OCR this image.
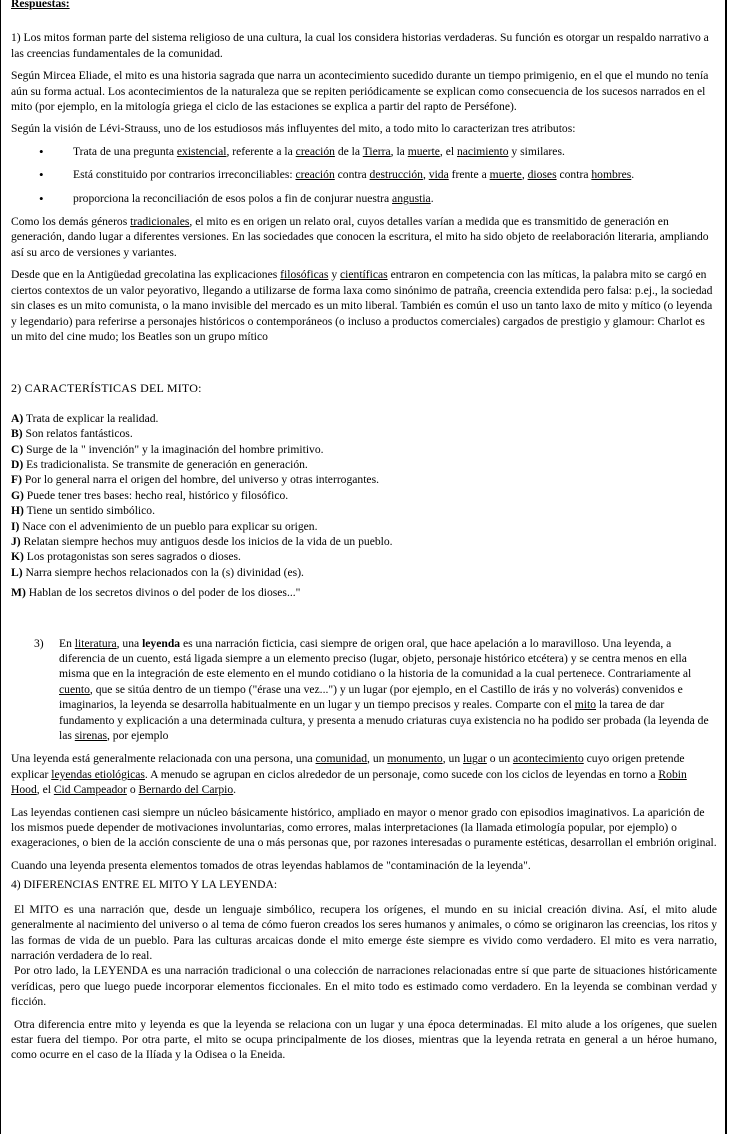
Respuestas:

1) Los mitos forman parte del sistema religioso de una cultura, la cual los considera historias verdaderas. Su función es otorgar un respaldo narrativo a las creencias fundamentales de la comunidad.

Según Mircea Eliade, el mito es una historia sagrada que narra un acontecimiento sucedido durante un tiempo primigenio, en el que el mundo no tenía aún su forma actual. Los acontecimientos de la naturaleza que se repiten periódicamente se explican como consecuencia de los sucesos narrados en el mito (por ejemplo, en la mitología griega el ciclo de las estaciones se explica a partir del rapto de Perséfone).

Según la visión de Lévi-Strauss, uno de los estudiosos más influyentes del mito, a todo mito lo caracterizan tres atributos:

• Trata de una pregunta existencial, referente a la creación de la Tierra, la muerte, el nacimiento y similares.
• Está constituido por contrarios irreconciliables: creación contra destrucción, vida frente a muerte, dioses contra hombres.
• proporciona la reconciliación de esos polos a fin de conjurar nuestra angustia.

Como los demás géneros tradicionales, el mito es en origen un relato oral, cuyos detalles varían a medida que es transmitido de generación en generación, dando lugar a diferentes versiones. En las sociedades que conocen la escritura, el mito ha sido objeto de reelaboración literaria, ampliando así su arco de versiones y variantes.

Desde que en la Antigüedad grecolatina las explicaciones filosóficas y científicas entraron en competencia con las míticas, la palabra mito se cargó en ciertos contextos de un valor peyorativo, llegando a utilizarse de forma laxa como sinónimo de patraña, creencia extendida pero falsa: p.ej., la sociedad sin clases es un mito comunista, o la mano invisible del mercado es un mito liberal. También es común el uso un tanto laxo de mito y mítico (o leyenda y legendario) para referirse a personajes históricos o contemporáneos (o incluso a productos comerciales) cargados de prestigio y glamour: Charlot es un mito del cine mudo; los Beatles son un grupo mítico

2) CARACTERÍSTICAS DEL MITO:

A) Trata de explicar la realidad.

B) Son relatos fantásticos.

C) Surge de la " invención" y la imaginación del hombre primitivo.

D) Es tradicionalista. Se transmite de generación en generación.

F) Por lo general narra el origen del hombre, del universo y otras interrogantes.

G) Puede tener tres bases: hecho real, histórico y filosófico.

H) Tiene un sentido simbólico.

I) Nace con el advenimiento de un pueblo para explicar su origen.

J) Relatan siempre hechos muy antiguos desde los inicios de la vida de un pueblo.

K) Los protagonistas son seres sagrados o dioses.

L) Narra siempre hechos relacionados con la (s) divinidad (es).

M) Hablan de los secretos divinos o del poder de los dioses..."

3) En literatura, una leyenda es una narración ficticia, casi siempre de origen oral, que hace apelación a lo maravilloso. Una leyenda, a diferencia de un cuento, está ligada siempre a un elemento preciso (lugar, objeto, personaje histórico etcétera) y se centra menos en ella misma que en la integración de este elemento en el mundo cotidiano o la historia de la comunidad a la cual pertenece. Contrariamente al cuento, que se sitúa dentro de un tiempo ("érase una vez...") y un lugar (por ejemplo, en el Castillo de irás y no volverás) convenidos e imaginarios, la leyenda se desarrolla habitualmente en un lugar y un tiempo precisos y reales. Comparte con el mito la tarea de dar fundamento y explicación a una determinada cultura, y presenta a menudo criaturas cuya existencia no ha podido ser probada (la leyenda de las sirenas, por ejemplo

Una leyenda está generalmente relacionada con una persona, una comunidad, un monumento, un lugar o un acontecimiento cuyo origen pretende explicar leyendas etiológicas. A menudo se agrupan en ciclos alrededor de un personaje, como sucede con los ciclos de leyendas en torno a Robin Hood, el Cid Campeador o Bernardo del Carpio.

Las leyendas contienen casi siempre un núcleo básicamente histórico, ampliado en mayor o menor grado con episodios imaginativos. La aparición de los mismos puede depender de motivaciones involuntarias, como errores, malas interpretaciones (la llamada etimología popular, por ejemplo) o exageraciones, o bien de la acción consciente de una o más personas que, por razones interesadas o puramente estéticas, desarrollan el embrión original.

Cuando una leyenda presenta elementos tomados de otras leyendas hablamos de "contaminación de la leyenda".

4) DIFERENCIAS ENTRE EL MITO Y LA LEYENDA:

El MITO es una narración que, desde un lenguaje simbólico, recupera los orígenes, el mundo en su inicial creación divina. Así, el mito alude generalmente al nacimiento del universo o al tema de cómo fueron creados los seres humanos y animales, o cómo se originaron las creencias, los ritos y las formas de vida de un pueblo. Para las culturas arcaicas donde el mito emerge éste siempre es vivido como verdadero. El mito es vera narratio, narración verdadera de lo real.

Por otro lado, la LEYENDA es una narración tradicional o una colección de narraciones relacionadas entre sí que parte de situaciones históricamente verídicas, pero que luego puede incorporar elementos ficcionales. En el mito todo es estimado como verdadero. En la leyenda se combinan verdad y ficción.

Otra diferencia entre mito y leyenda es que la leyenda se relaciona con un lugar y una época determinadas. El mito alude a los orígenes, que suelen estar fuera del tiempo. Por otra parte, el mito se ocupa principalmente de los dioses, mientras que la leyenda retrata en general a un héroe humano, como ocurre en el caso de la Ilíada y la Odisea o la Eneida.
